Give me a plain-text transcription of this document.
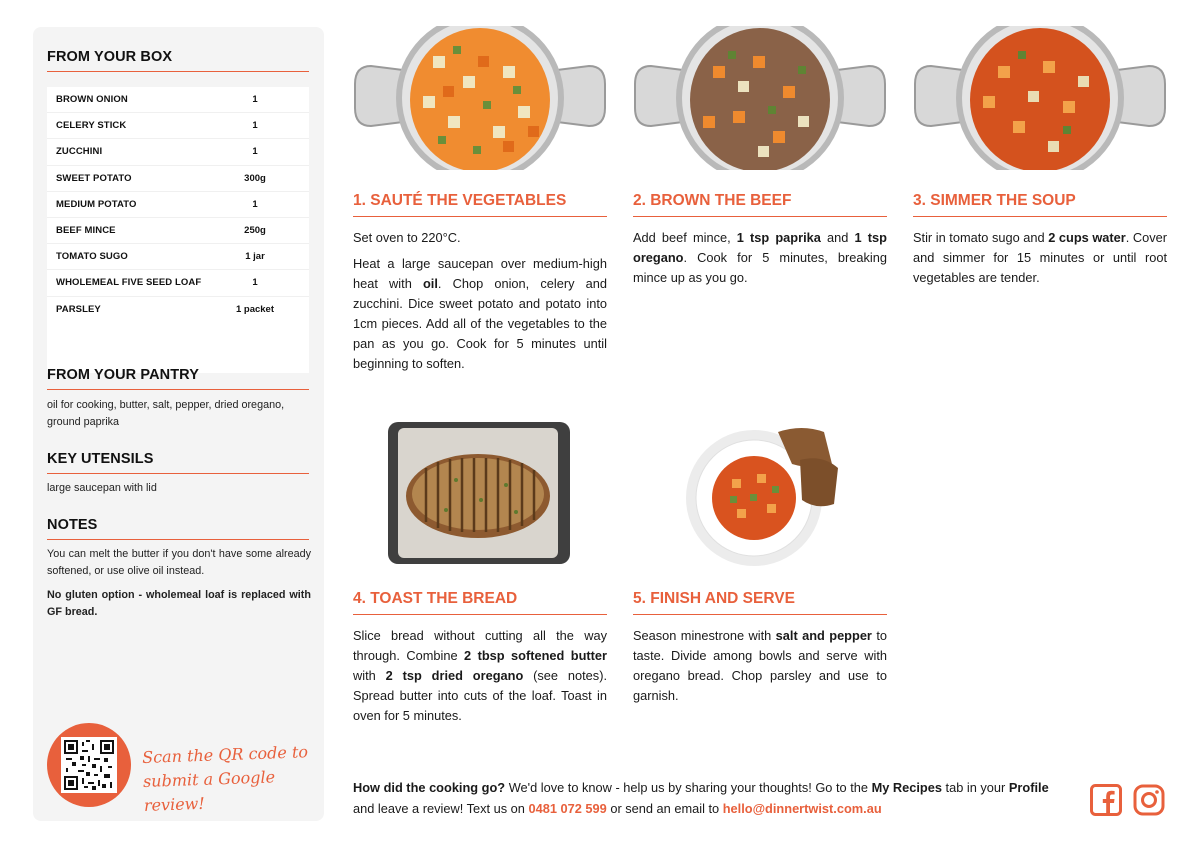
FROM YOUR BOX
BROWN ONION	1
CELERY STICK	1
ZUCCHINI	1
SWEET POTATO	300g
MEDIUM POTATO	1
BEEF MINCE	250g
TOMATO SUGO	1 jar
WHOLEMEAL FIVE SEED LOAF	1
PARSLEY	1 packet
FROM YOUR PANTRY
oil for cooking, butter, salt, pepper, dried oregano, ground paprika
KEY UTENSILS
large saucepan with lid
NOTES
You can melt the butter if you don't have some already softened, or use olive oil instead.
No gluten option - wholemeal loaf is replaced with GF bread.
Scan the QR code to submit a Google review!
1. SAUTÉ THE VEGETABLES

Set oven to 220°C.

Heat a large saucepan over medium-high heat with oil. Chop onion, celery and zucchini. Dice sweet potato and potato into 1cm pieces. Add all of the vegetables to the pan as you go. Cook for 5 minutes until beginning to soften.

2. BROWN THE BEEF

Add beef mince, 1 tsp paprika and 1 tsp oregano. Cook for 5 minutes, breaking mince up as you go.

3. SIMMER THE SOUP

Stir in tomato sugo and 2 cups water. Cover and simmer for 15 minutes or until root vegetables are tender.

4. TOAST THE BREAD

Slice bread without cutting all the way through. Combine 2 tbsp softened butter with 2 tsp dried oregano (see notes). Spread butter into cuts of the loaf. Toast in oven for 5 minutes.

5. FINISH AND SERVE

Season minestrone with salt and pepper to taste. Divide among bowls and serve with oregano bread. Chop parsley and use to garnish.

How did the cooking go? We'd love to know - help us by sharing your thoughts! Go to the My Recipes tab in your Profile and leave a review! Text us on 0481 072 599 or send an email to hello@dinnertwist.com.au
